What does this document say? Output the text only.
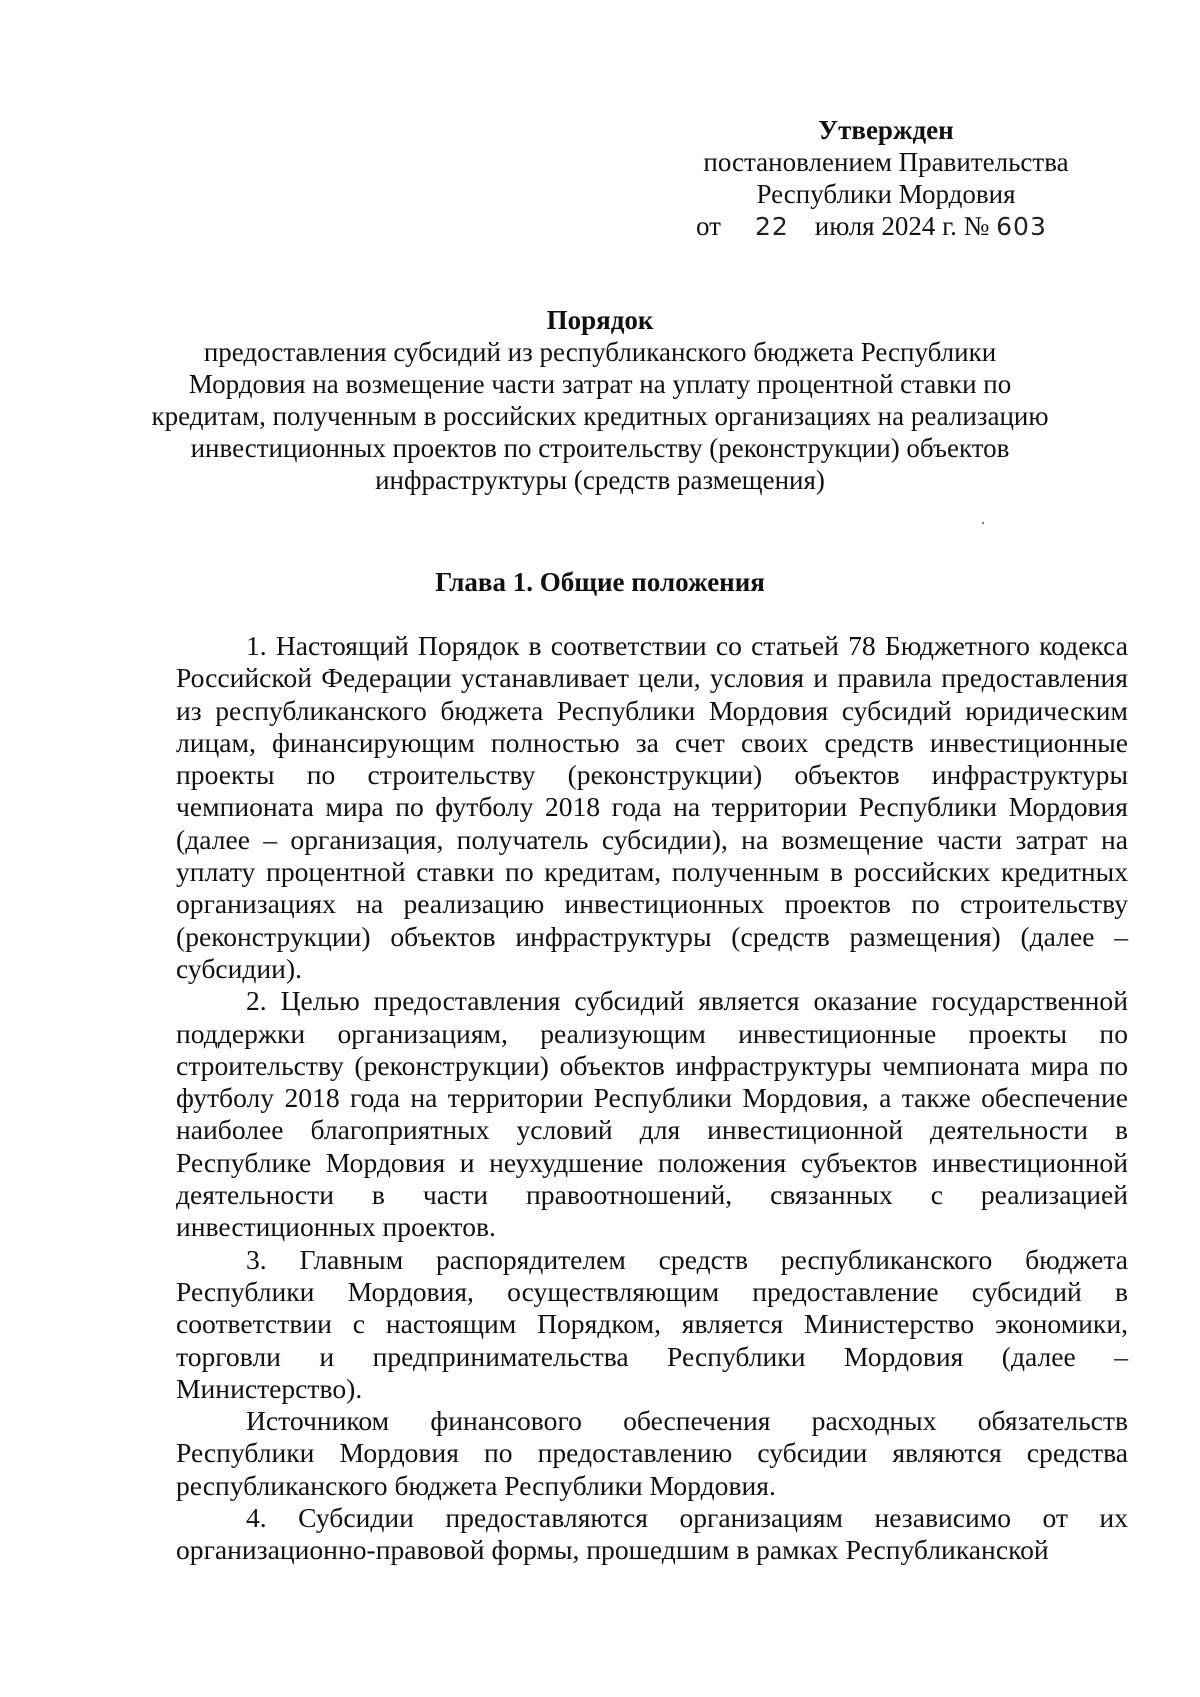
Утвержден
постановлением Правительства
Республики Мордовия
от 22 июля 2024 г. № 603
Порядок
предоставления субсидий из республиканского бюджета Республики
Мордовия на возмещение части затрат на уплату процентной ставки по
кредитам, полученным в российских кредитных организациях на реализацию
инвестиционных проектов по строительству (реконструкции) объектов
инфраструктуры (средств размещения)
Глава 1. Общие положения

1. Настоящий Порядок в соответствии со статьей 78 Бюджетного кодекса Российской Федерации устанавливает цели, условия и правила предоставления из республиканского бюджета Республики Мордовия субсидий юридическим лицам, финансирующим полностью за счет своих средств инвестиционные проекты по строительству (реконструкции) объектов инфраструктуры чемпионата мира по футболу 2018 года на территории Республики Мордовия (далее – организация, получатель субсидии), на возмещение части затрат на уплату процентной ставки по кредитам, полученным в российских кредитных организациях на реализацию инвестиционных проектов по строительству (реконструкции) объектов инфраструктуры (средств размещения) (далее – субсидии).

2. Целью предоставления субсидий является оказание государственной поддержки организациям, реализующим инвестиционные проекты по строительству (реконструкции) объектов инфраструктуры чемпионата мира по футболу 2018 года на территории Республики Мордовия, а также обеспечение наиболее благоприятных условий для инвестиционной деятельности в Республике Мордовия и неухудшение положения субъектов инвестиционной деятельности в части правоотношений, связанных с реализацией инвестиционных проектов.

3. Главным распорядителем средств республиканского бюджета Республики Мордовия, осуществляющим предоставление субсидий в соответствии с настоящим Порядком, является Министерство экономики, торговли и предпринимательства Республики Мордовия (далее – Министерство).

Источником финансового обеспечения расходных обязательств Республики Мордовия по предоставлению субсидии являются средства республиканского бюджета Республики Мордовия.

4. Субсидии предоставляются организациям независимо от их организационно-правовой формы, прошедшим в рамках Республиканской
